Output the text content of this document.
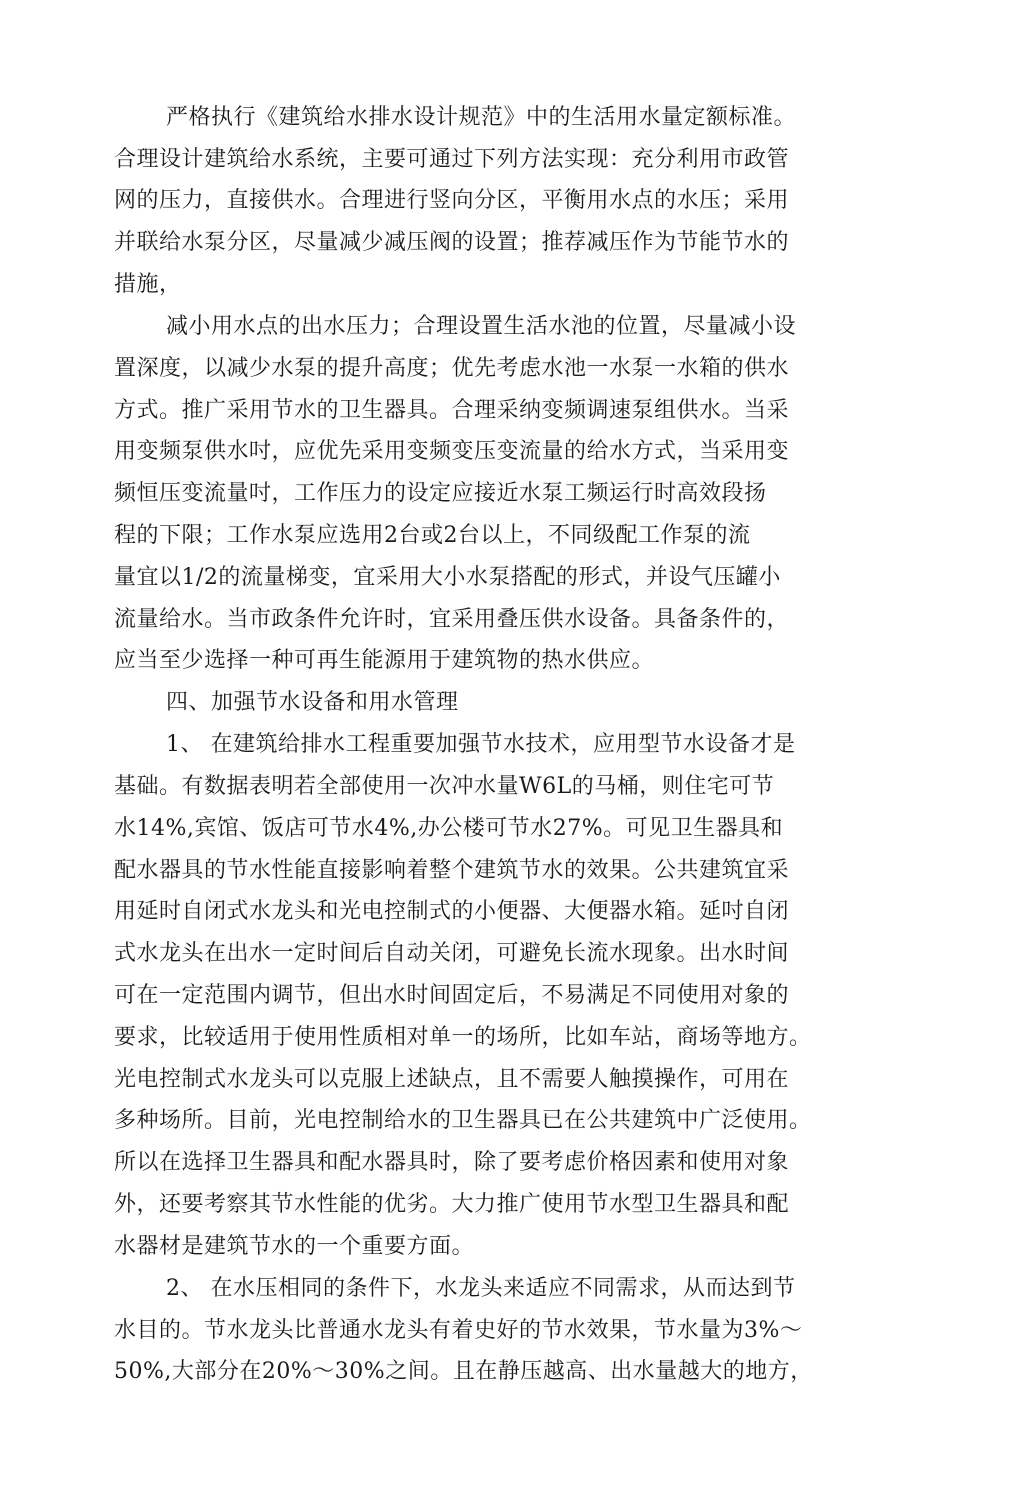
严格执行《建筑给水排水设计规范》中的生活用水量定额标准。
合理设计建筑给水系统，主要可通过下列方法实现：充分利用市政管
网的压力，直接供水。合理进行竖向分区，平衡用水点的水压；采用
并联给水泵分区，尽量减少减压阀的设置；推荐减压作为节能节水的
措施，
减小用水点的出水压力；合理设置生活水池的位置，尽量减小设
置深度，以减少水泵的提升高度；优先考虑水池一水泵一水箱的供水
方式。推广采用节水的卫生器具。合理采纳变频调速泵组供水。当采
用变频泵供水吋，应优先采用变频变压变流量的给水方式，当采用变
频恒压变流量吋，工作压力的设定应接近水泵工频运行时高效段扬
程的下限；工作水泵应选用2台或2台以上，不同级配工作泵的流
量宜以1/2的流量梯变，宜采用大小水泵搭配的形式，并设气压罐小
流量给水。当市政条件允许时，宜采用叠压供水设备。具备条件的，
应当至少选择一种可再生能源用于建筑物的热水供应。
四、加强节水设备和用水管理
1、 在建筑给排水工程重要加强节水技术，应用型节水设备才是
基础。有数据表明若全部使用一次冲水量W6L的马桶，则住宅可节
水14%,宾馆、饭店可节水4%,办公楼可节水27%。可见卫生器具和
配水器具的节水性能直接影响着整个建筑节水的效果。公共建筑宜采
用延时自闭式水龙头和光电控制式的小便器、大便器水箱。延吋自闭
式水龙头在出水一定时间后自动关闭，可避免长流水现象。出水时间
可在一定范围内调节，但出水时间固定后，不易满足不同使用对象的
要求，比较适用于使用性质相对单一的场所，比如车站，商场等地方。
光电控制式水龙头可以克服上述缺点，且不需要人触摸操作，可用在
多种场所。目前，光电控制给水的卫生器具已在公共建筑中广泛使用。
所以在选择卫生器具和配水器具时，除了要考虑价格因素和使用对象
外，还要考察其节水性能的优劣。大力推广使用节水型卫生器具和配
水器材是建筑节水的一个重要方面。
2、 在水压相同的条件下，水龙头来适应不同需求，从而达到节
水目的。节水龙头比普通水龙头有着史好的节水效果，节水量为3%～
50%,大部分在20%～30%之间。且在静压越高、出水量越大的地方，
